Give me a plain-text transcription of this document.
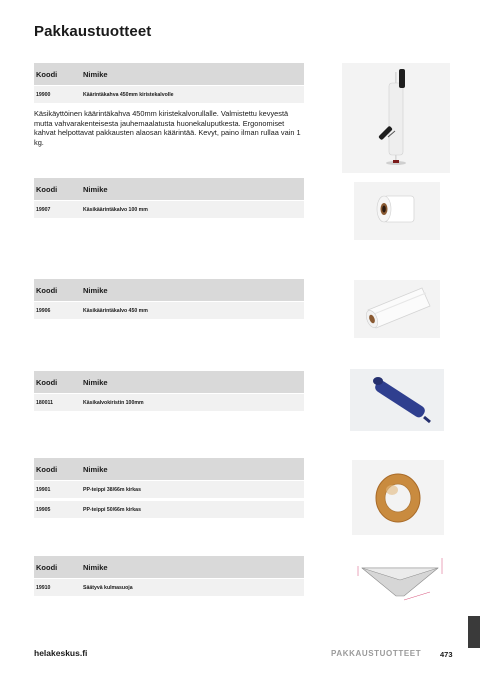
Pakkaustuotteet
Koodi	Nimike
19900	Käärintäkahva 450mm kiristekalvolle
Käsikäyttöinen käärintäkahva 450mm kiristekalvorullalle. Valmistettu kevyestä mutta vahvarakenteisesta jauhemaalatusta huonekaluputkesta. Ergonomiset kahvat helpottavat pakkausten alaosan käärintää. Kevyt, paino ilman rullaa vain 1 kg.
Koodi	Nimike
19907	Käsikäärintäkalvo 100 mm
Koodi	Nimike
19906	Käsikäärintäkalvo 450 mm
Koodi	Nimike
180011	Käsikalvokiristin 100mm
Koodi	Nimike
19901	PP-teippi 38/66m kirkas
19905	PP-teippi 50/66m kirkas
Koodi	Nimike
19910	Säätyvä kulmasuoja
helakeskus.fi	PAKKAUSTUOTTEET	473
